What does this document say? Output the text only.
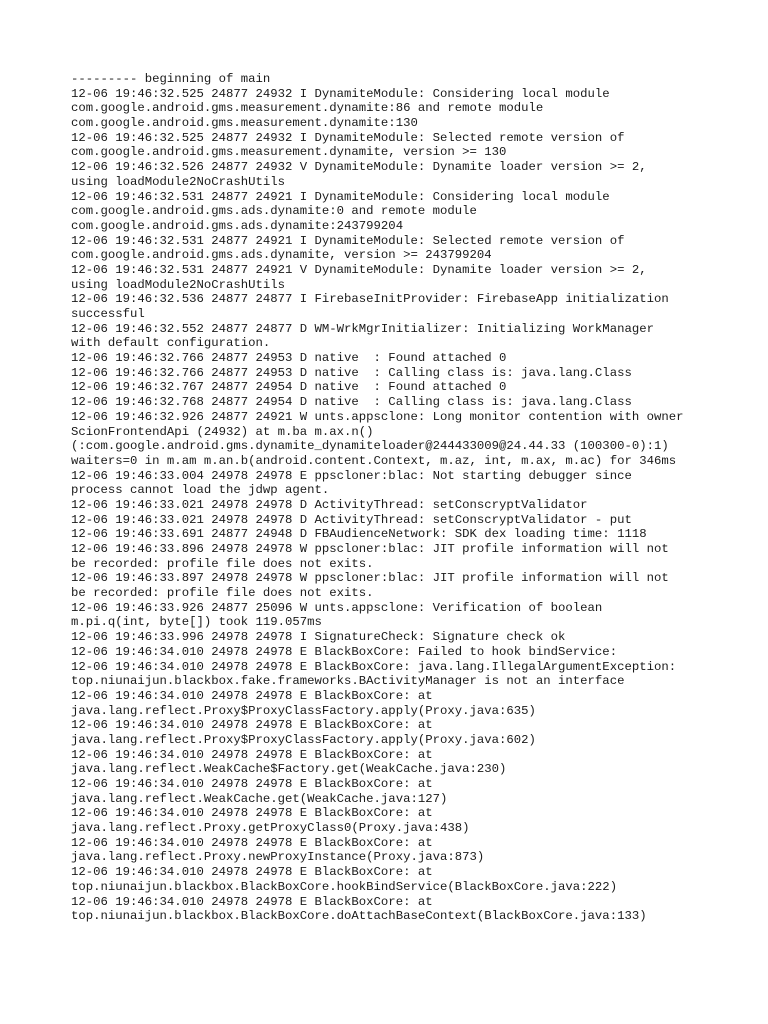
--------- beginning of main
12-06 19:46:32.525 24877 24932 I DynamiteModule: Considering local module
com.google.android.gms.measurement.dynamite:86 and remote module
com.google.android.gms.measurement.dynamite:130
12-06 19:46:32.525 24877 24932 I DynamiteModule: Selected remote version of
com.google.android.gms.measurement.dynamite, version >= 130
12-06 19:46:32.526 24877 24932 V DynamiteModule: Dynamite loader version >= 2,
using loadModule2NoCrashUtils
12-06 19:46:32.531 24877 24921 I DynamiteModule: Considering local module
com.google.android.gms.ads.dynamite:0 and remote module
com.google.android.gms.ads.dynamite:243799204
12-06 19:46:32.531 24877 24921 I DynamiteModule: Selected remote version of
com.google.android.gms.ads.dynamite, version >= 243799204
12-06 19:46:32.531 24877 24921 V DynamiteModule: Dynamite loader version >= 2,
using loadModule2NoCrashUtils
12-06 19:46:32.536 24877 24877 I FirebaseInitProvider: FirebaseApp initialization
successful
12-06 19:46:32.552 24877 24877 D WM-WrkMgrInitializer: Initializing WorkManager
with default configuration.
12-06 19:46:32.766 24877 24953 D native  : Found attached 0
12-06 19:46:32.766 24877 24953 D native  : Calling class is: java.lang.Class
12-06 19:46:32.767 24877 24954 D native  : Found attached 0
12-06 19:46:32.768 24877 24954 D native  : Calling class is: java.lang.Class
12-06 19:46:32.926 24877 24921 W unts.appsclone: Long monitor contention with owner
ScionFrontendApi (24932) at m.ba m.ax.n()
(:com.google.android.gms.dynamite_dynamiteloader@244433009@24.44.33 (100300-0):1)
waiters=0 in m.am m.an.b(android.content.Context, m.az, int, m.ax, m.ac) for 346ms
12-06 19:46:33.004 24978 24978 E ppscloner:blac: Not starting debugger since
process cannot load the jdwp agent.
12-06 19:46:33.021 24978 24978 D ActivityThread: setConscryptValidator
12-06 19:46:33.021 24978 24978 D ActivityThread: setConscryptValidator - put
12-06 19:46:33.691 24877 24948 D FBAudienceNetwork: SDK dex loading time: 1118
12-06 19:46:33.896 24978 24978 W ppscloner:blac: JIT profile information will not
be recorded: profile file does not exits.
12-06 19:46:33.897 24978 24978 W ppscloner:blac: JIT profile information will not
be recorded: profile file does not exits.
12-06 19:46:33.926 24877 25096 W unts.appsclone: Verification of boolean
m.pi.q(int, byte[]) took 119.057ms
12-06 19:46:33.996 24978 24978 I SignatureCheck: Signature check ok
12-06 19:46:34.010 24978 24978 E BlackBoxCore: Failed to hook bindService:
12-06 19:46:34.010 24978 24978 E BlackBoxCore: java.lang.IllegalArgumentException:
top.niunaijun.blackbox.fake.frameworks.BActivityManager is not an interface
12-06 19:46:34.010 24978 24978 E BlackBoxCore: at
java.lang.reflect.Proxy$ProxyClassFactory.apply(Proxy.java:635)
12-06 19:46:34.010 24978 24978 E BlackBoxCore: at
java.lang.reflect.Proxy$ProxyClassFactory.apply(Proxy.java:602)
12-06 19:46:34.010 24978 24978 E BlackBoxCore: at
java.lang.reflect.WeakCache$Factory.get(WeakCache.java:230)
12-06 19:46:34.010 24978 24978 E BlackBoxCore: at
java.lang.reflect.WeakCache.get(WeakCache.java:127)
12-06 19:46:34.010 24978 24978 E BlackBoxCore: at
java.lang.reflect.Proxy.getProxyClass0(Proxy.java:438)
12-06 19:46:34.010 24978 24978 E BlackBoxCore: at
java.lang.reflect.Proxy.newProxyInstance(Proxy.java:873)
12-06 19:46:34.010 24978 24978 E BlackBoxCore: at
top.niunaijun.blackbox.BlackBoxCore.hookBindService(BlackBoxCore.java:222)
12-06 19:46:34.010 24978 24978 E BlackBoxCore: at
top.niunaijun.blackbox.BlackBoxCore.doAttachBaseContext(BlackBoxCore.java:133)
